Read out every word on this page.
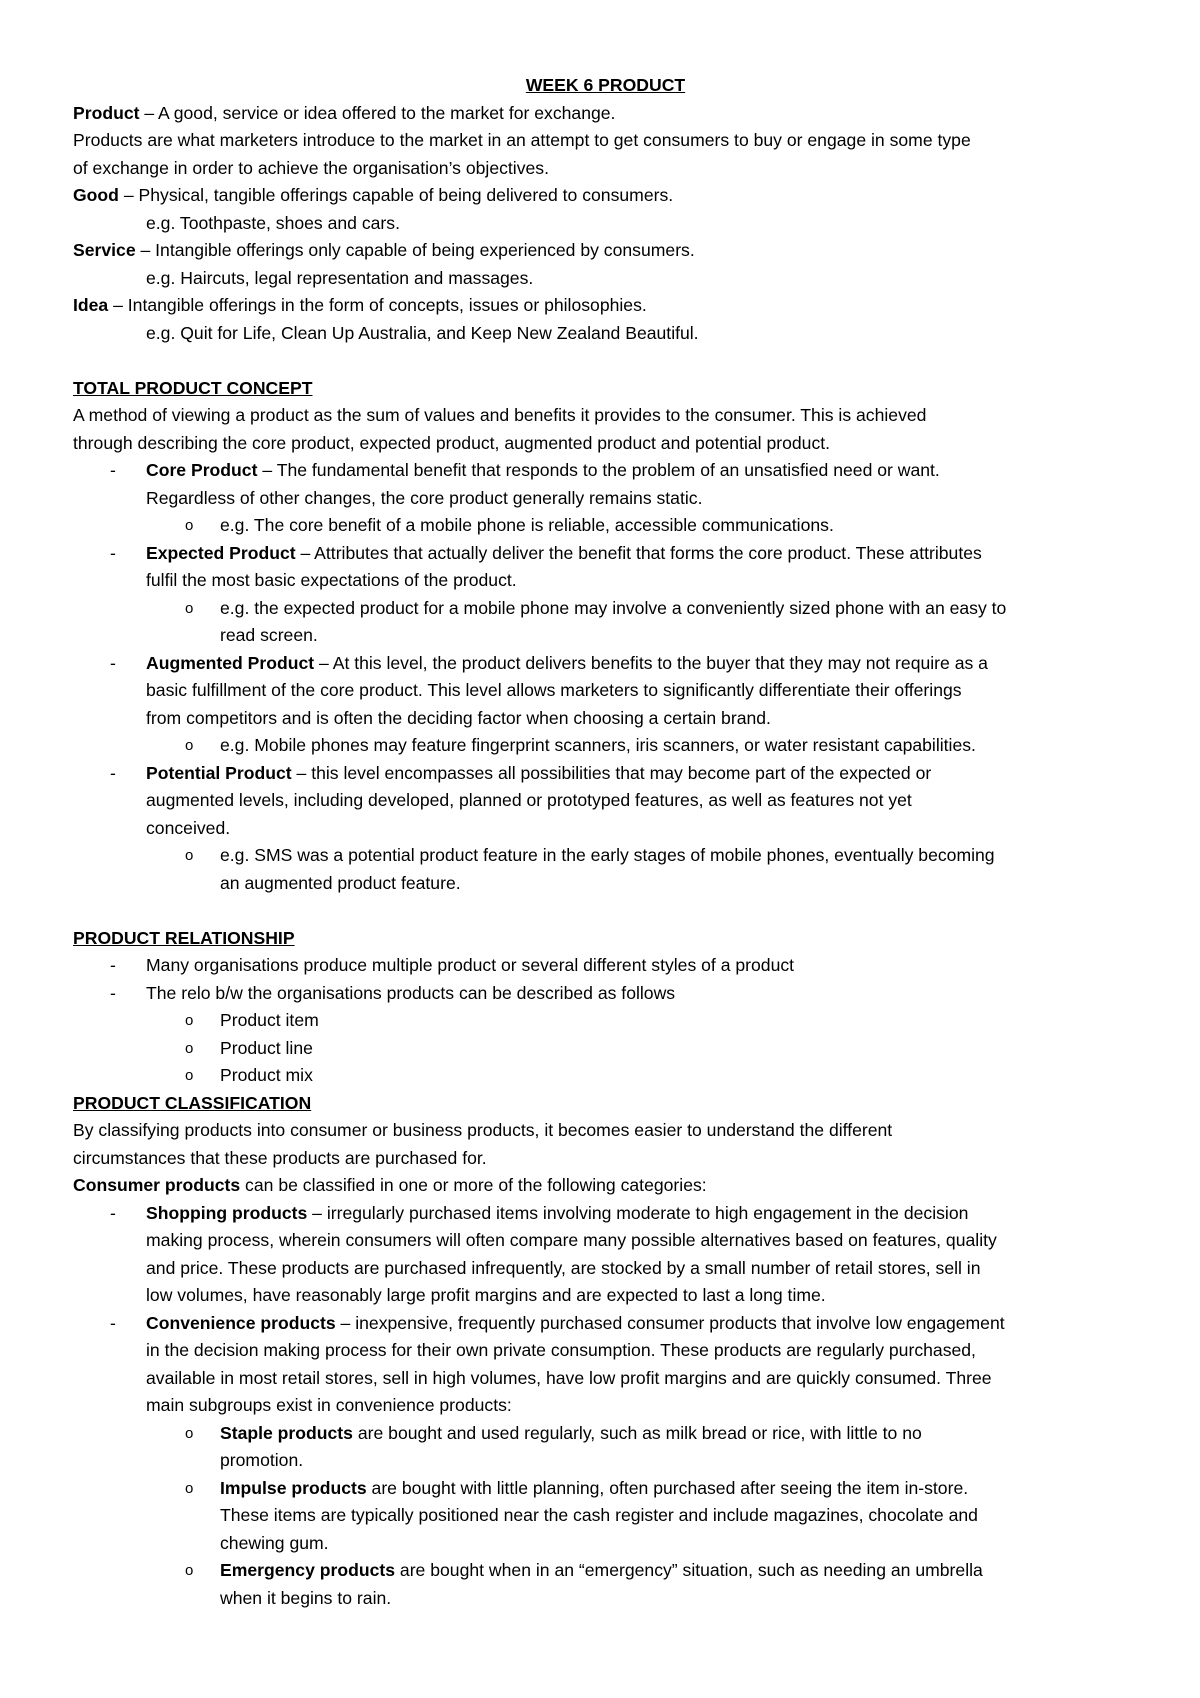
WEEK 6 PRODUCT
Product – A good, service or idea offered to the market for exchange.
Products are what marketers introduce to the market in an attempt to get consumers to buy or engage in some type
of exchange in order to achieve the organisation’s objectives.
Good – Physical, tangible offerings capable of being delivered to consumers.
e.g. Toothpaste, shoes and cars.
Service – Intangible offerings only capable of being experienced by consumers.
e.g. Haircuts, legal representation and massages.
Idea – Intangible offerings in the form of concepts, issues or philosophies.
e.g. Quit for Life, Clean Up Australia, and Keep New Zealand Beautiful.
TOTAL PRODUCT CONCEPT
A method of viewing a product as the sum of values and benefits it provides to the consumer. This is achieved
through describing the core product, expected product, augmented product and potential product.
- Core Product – The fundamental benefit that responds to the problem of an unsatisfied need or want.
Regardless of other changes, the core product generally remains static.
o e.g. The core benefit of a mobile phone is reliable, accessible communications.
- Expected Product – Attributes that actually deliver the benefit that forms the core product. These attributes
fulfil the most basic expectations of the product.
o e.g. the expected product for a mobile phone may involve a conveniently sized phone with an easy to
read screen.
- Augmented Product – At this level, the product delivers benefits to the buyer that they may not require as a
basic fulfillment of the core product. This level allows marketers to significantly differentiate their offerings
from competitors and is often the deciding factor when choosing a certain brand.
o e.g. Mobile phones may feature fingerprint scanners, iris scanners, or water resistant capabilities.
- Potential Product – this level encompasses all possibilities that may become part of the expected or
augmented levels, including developed, planned or prototyped features, as well as features not yet
conceived.
o e.g. SMS was a potential product feature in the early stages of mobile phones, eventually becoming
an augmented product feature.
PRODUCT RELATIONSHIP
- Many organisations produce multiple product or several different styles of a product
- The relo b/w the organisations products can be described as follows
o Product item
o Product line
o Product mix
PRODUCT CLASSIFICATION
By classifying products into consumer or business products, it becomes easier to understand the different
circumstances that these products are purchased for.
Consumer products can be classified in one or more of the following categories:
- Shopping products – irregularly purchased items involving moderate to high engagement in the decision
making process, wherein consumers will often compare many possible alternatives based on features, quality
and price. These products are purchased infrequently, are stocked by a small number of retail stores, sell in
low volumes, have reasonably large profit margins and are expected to last a long time.
- Convenience products – inexpensive, frequently purchased consumer products that involve low engagement
in the decision making process for their own private consumption. These products are regularly purchased,
available in most retail stores, sell in high volumes, have low profit margins and are quickly consumed. Three
main subgroups exist in convenience products:
o Staple products are bought and used regularly, such as milk bread or rice, with little to no
promotion.
o Impulse products are bought with little planning, often purchased after seeing the item in-store.
These items are typically positioned near the cash register and include magazines, chocolate and
chewing gum.
o Emergency products are bought when in an “emergency” situation, such as needing an umbrella
when it begins to rain.
